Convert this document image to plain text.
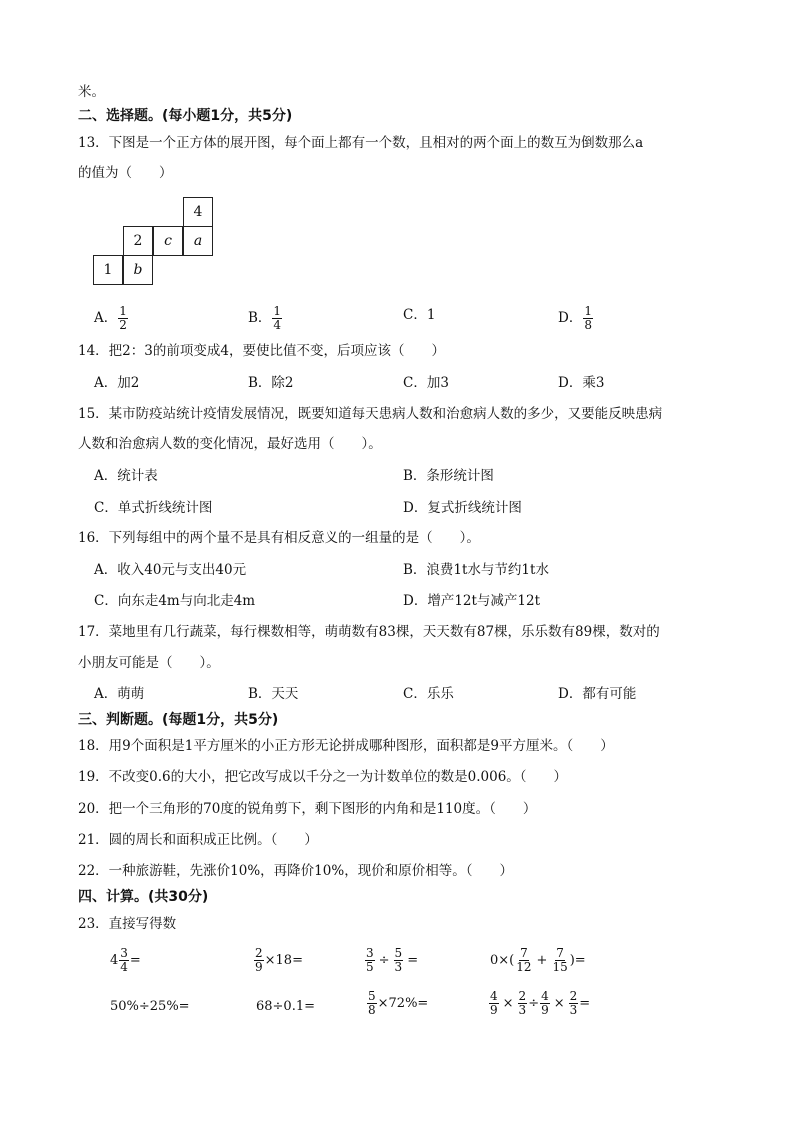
米。
二、选择题。(每小题1分，共5分)
13．下图是一个正方体的展开图，每个面上都有一个数，且相对的两个面上的数互为倒数那么a
的值为（　　）
4
2	c	a
1	b
A． $\frac{1}{2}$	B． $\frac{1}{4}$	C．1	D． $\frac{1}{8}$
14．把2：3的前项变成4，要使比值不变，后项应该（　　）
A．加2	B．除2	C．加3	D．乘3
15．某市防疫站统计疫情发展情况，既要知道每天患病人数和治愈病人数的多少，又要能反映患病
人数和治愈病人数的变化情况，最好选用（　　）。
A．统计表	B．条形统计图
C．单式折线统计图	D．复式折线统计图
16．下列每组中的两个量不是具有相反意义的一组量的是（　　）。
A．收入40元与支出40元	B．浪费1t水与节约1t水
C．向东走4m与向北走4m	D．增产12t与减产12t
17．菜地里有几行蔬菜，每行棵数相等，萌萌数有83棵，天天数有87棵，乐乐数有89棵，数对的
小朋友可能是（　　）。
A．萌萌	B．天天	C．乐乐	D．都有可能
三、判断题。(每题1分，共5分)
18．用9个面积是1平方厘米的小正方形无论拼成哪种图形，面积都是9平方厘米。（　　）
19．不改变0.6的大小，把它改写成以千分之一为计数单位的数是0.006。（　　）
20．把一个三角形的70度的锐角剪下，剩下图形的内角和是110度。（　　）
21．圆的周长和面积成正比例。（　　）
22．一种旅游鞋，先涨价10%，再降价10%，现价和原价相等。（　　）
四、计算。(共30分)
23．直接写得数
$4 \frac{3}{4}$ =	$\frac{2}{9} \times 18=$	$\frac{3}{5} \div \frac{5}{3}$ =	$0\times( \frac{7}{12} + \frac{7}{15}$ )=
50%÷25%=	68÷0.1=	$\frac{5}{8} \times 72\%=$	$\frac{4}{9} \times \frac{2}{3} \div \frac{4}{9} \times \frac{2}{3}$ =
